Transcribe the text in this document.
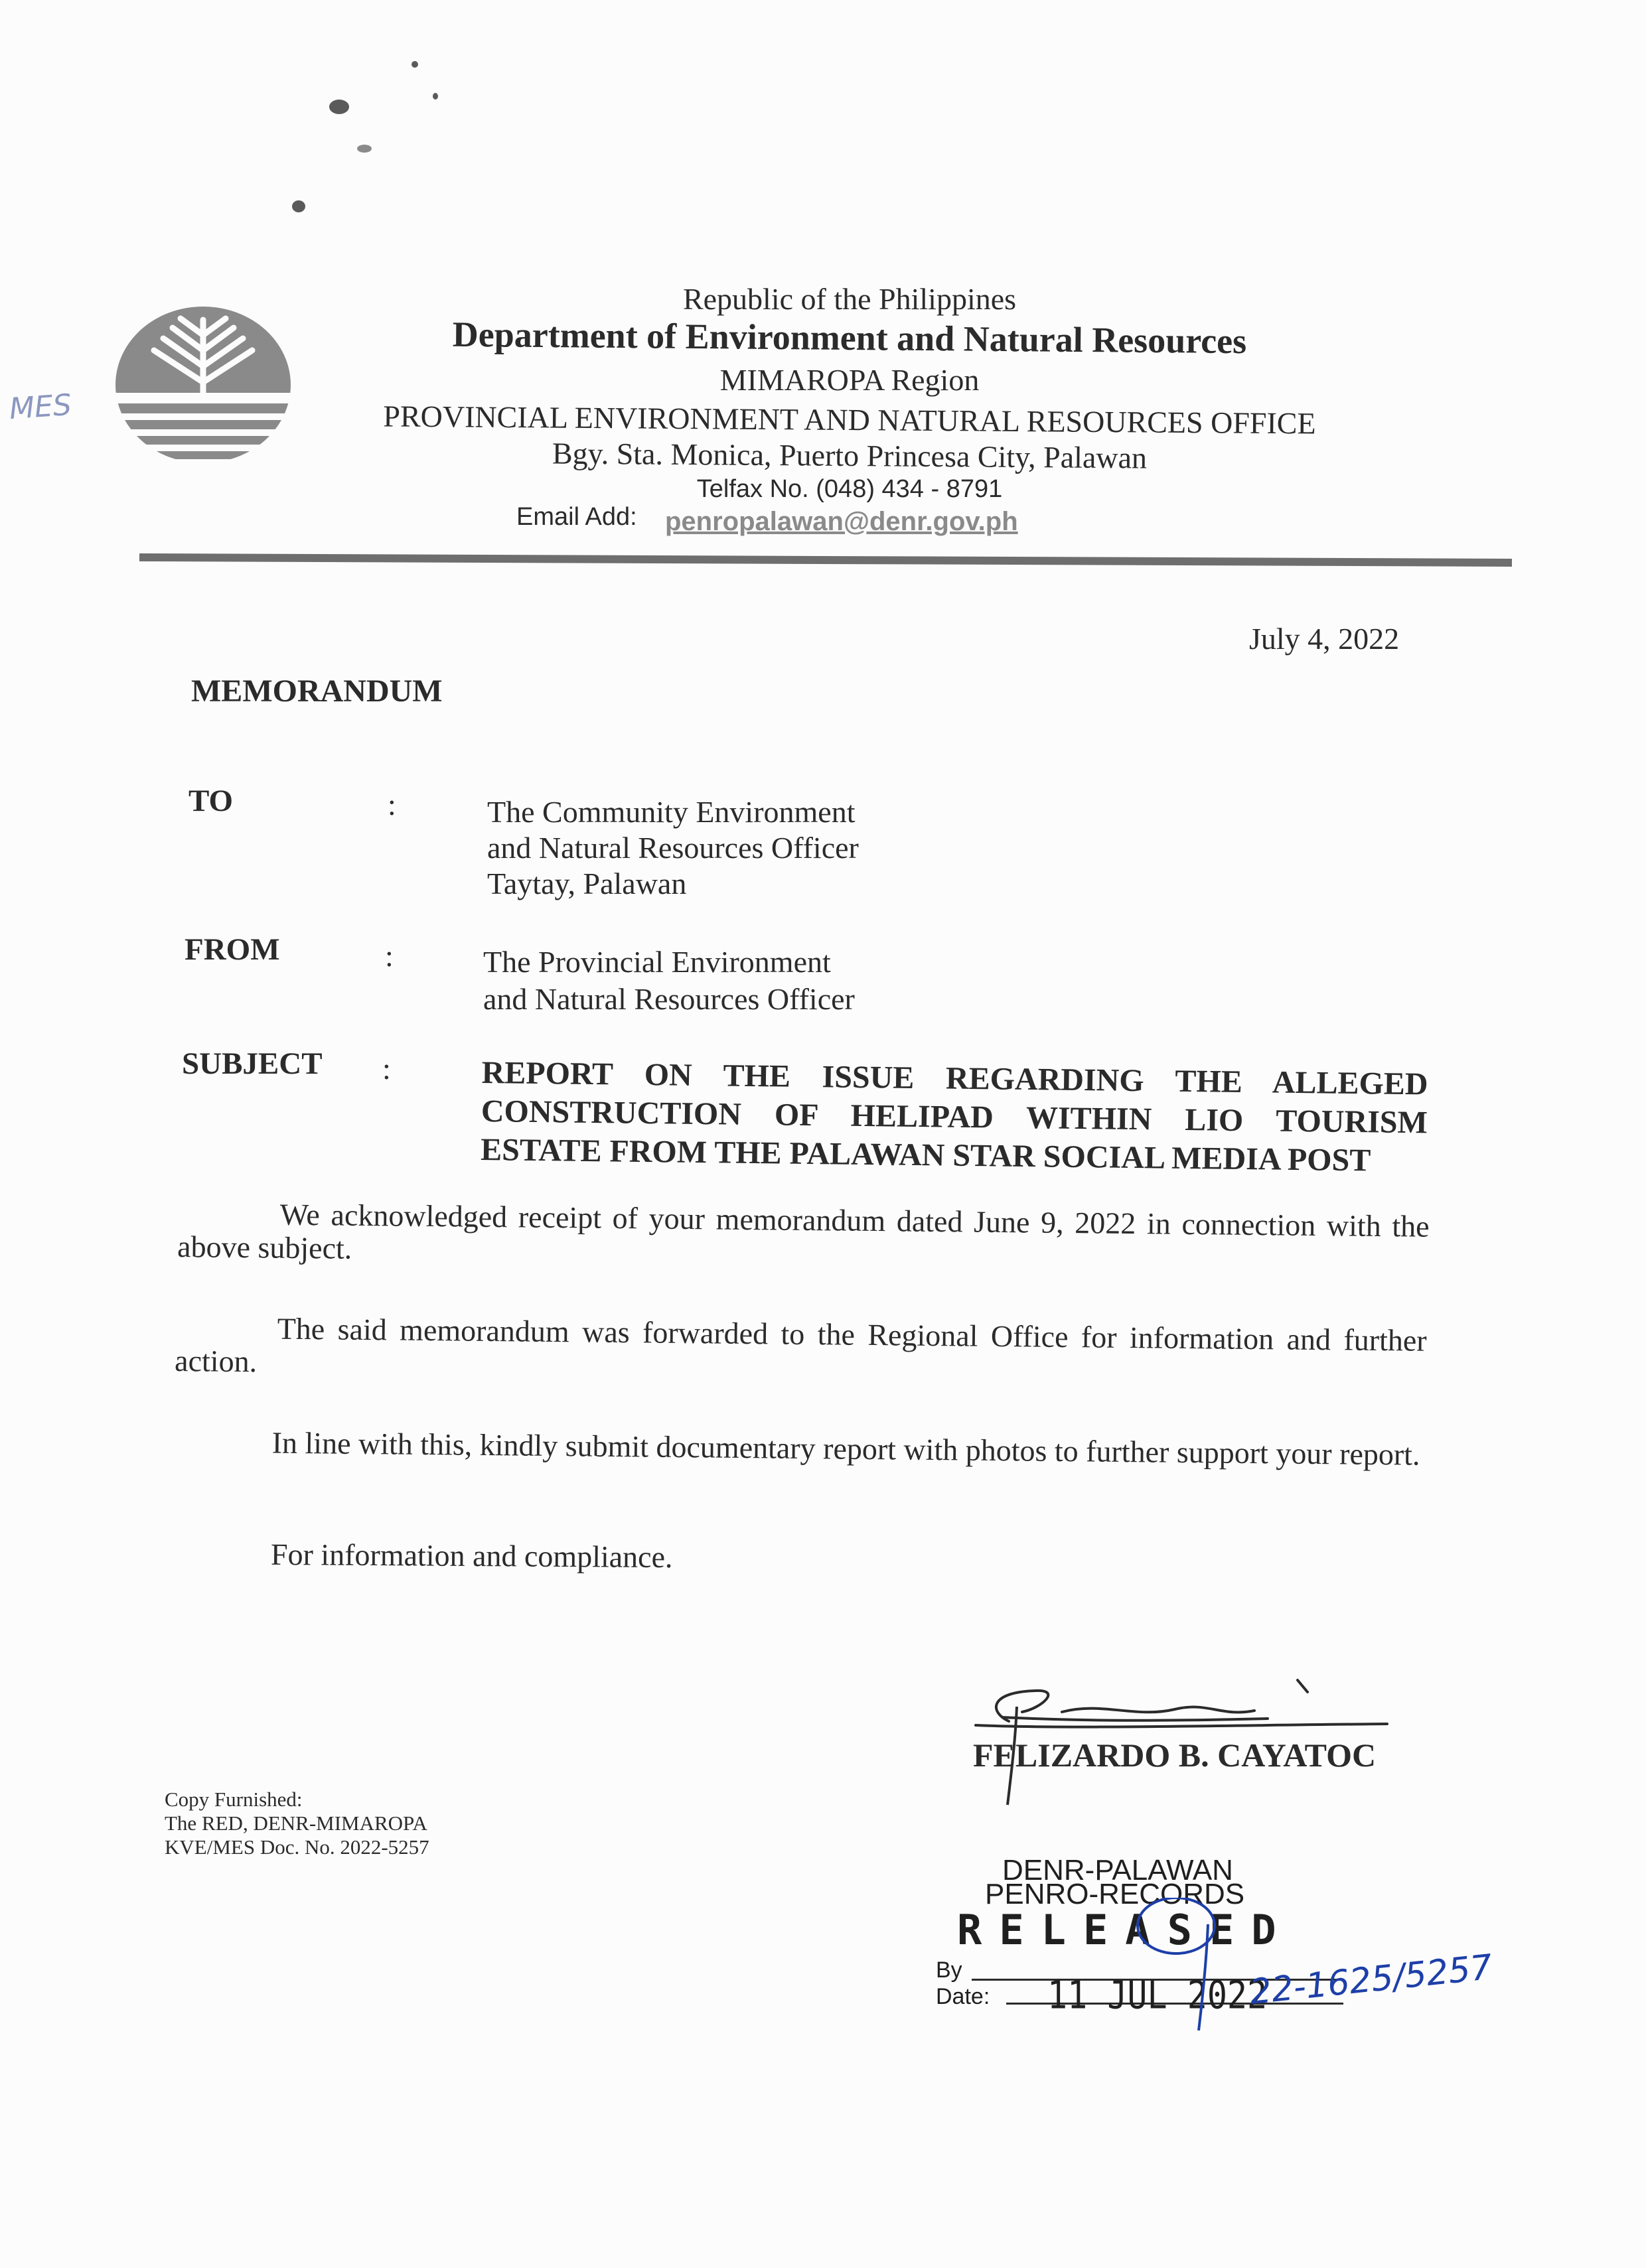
MES
Republic of the Philippines
Department of Environment and Natural Resources
MIMAROPA Region
PROVINCIAL ENVIRONMENT AND NATURAL RESOURCES OFFICE
Bgy. Sta. Monica, Puerto Princesa City, Palawan
Telfax No. (048) 434 - 8791
Email Add: penropalawan@denr.gov.ph
July 4, 2022
MEMORANDUM
TO	:	The Community Environment
and Natural Resources Officer
Taytay, Palawan
FROM	:	The Provincial Environment
and Natural Resources Officer
SUBJECT :	REPORT ON THE ISSUE REGARDING THE ALLEGED
CONSTRUCTION OF HELIPAD WITHIN LIO TOURISM
ESTATE FROM THE PALAWAN STAR SOCIAL MEDIA POST
We acknowledged receipt of your memorandum dated June 9, 2022 in connection with the above subject.
The said memorandum was forwarded to the Regional Office for information and further action.
In line with this, kindly submit documentary report with photos to further support your report.
For information and compliance.
FELIZARDO B. CAYATOC
Copy Furnished:
The RED, DENR-MIMAROPA
KVE/MES Doc. No. 2022-5257
DENR-PALAWAN
PENRO-RECORDS
RELEASED
By
Date: 11 JUL 2022
22-1625/5257
